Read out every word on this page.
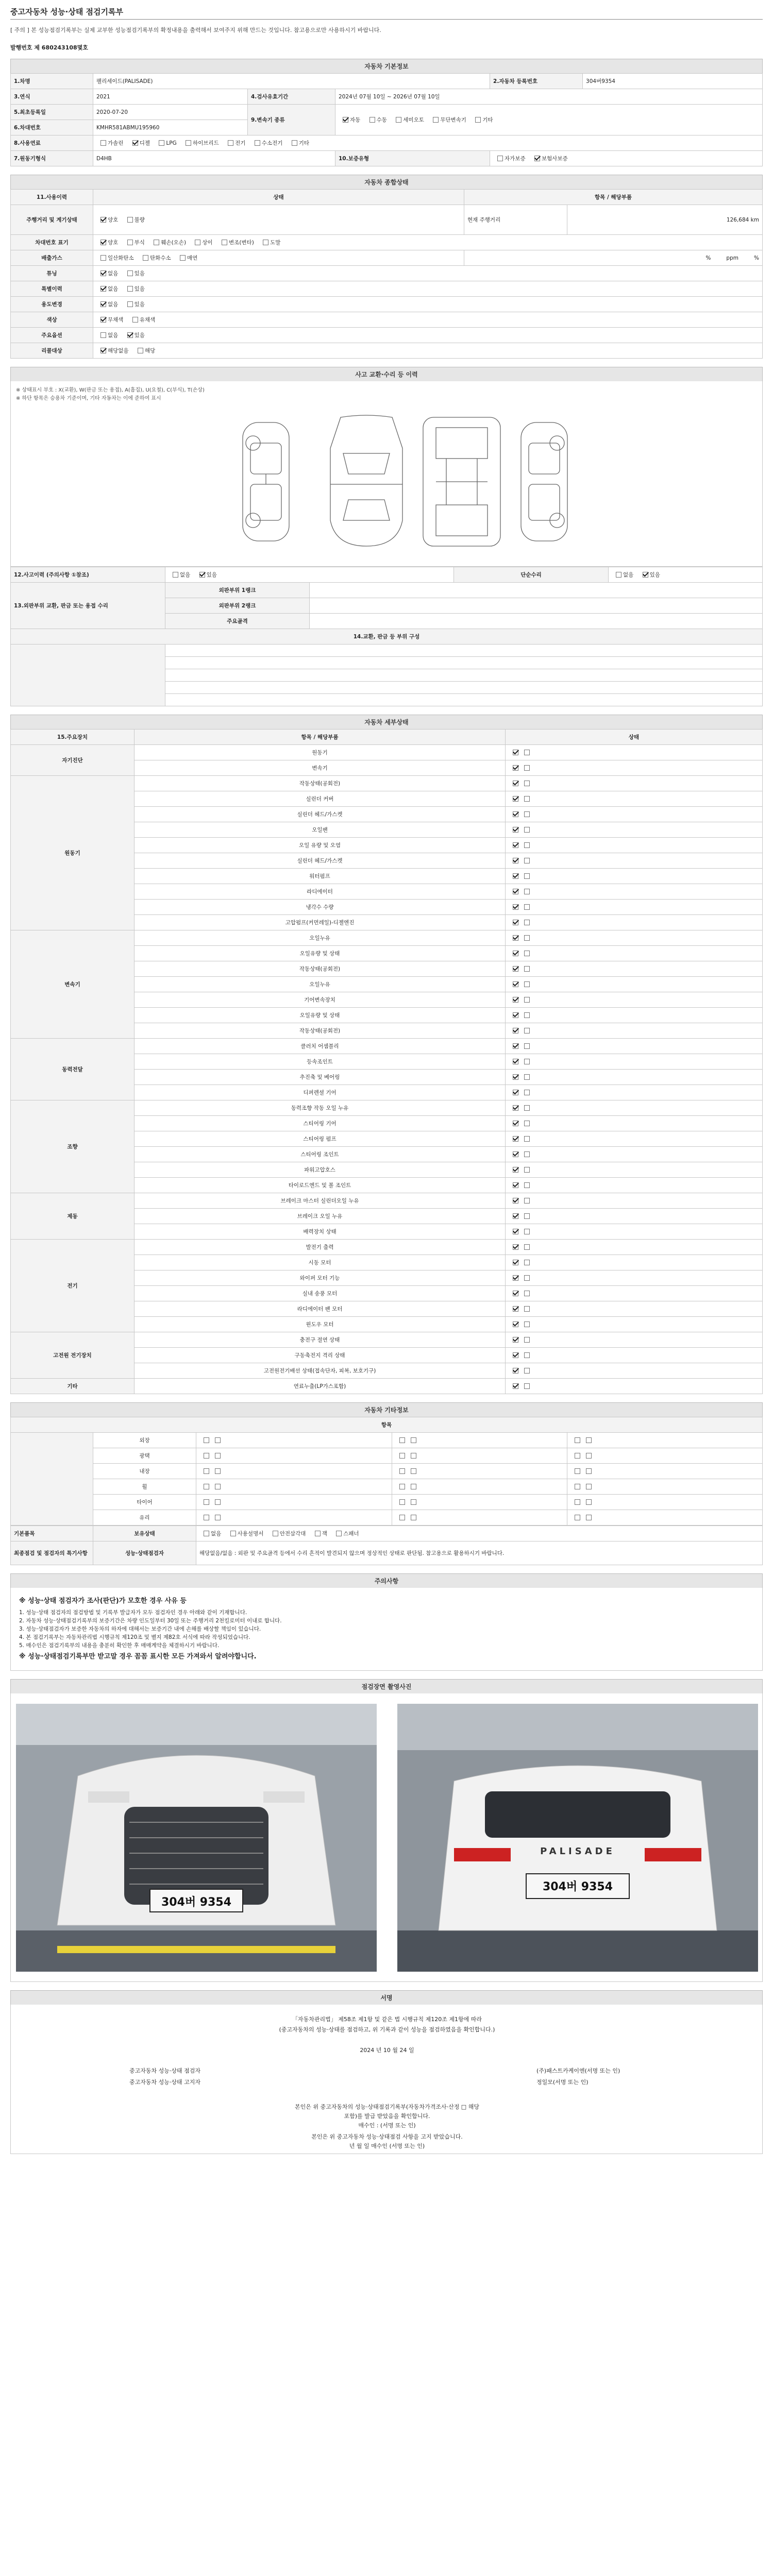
중고자동차 성능·상태 점검기록부
[ 주의 ] 본 성능점검기록부는 실제 교부한 성능점검기록부의 확정내용을 출력해서 보여주지 위해 만드는 것입니다. 참고용으로만 사용하시기 바랍니다.
발행번호 제 680243108몇호
자동차 기본정보
1.차명	팰리세이드(PALISADE)			2.자동차 등록번호	304버9354
3.연식	2021	4.검사유효기간	2024년 07월 10일 ~ 2026년 07월 10일		
5.최초등록일	2020-07-20	9.변속기 종류	자동 수동 세미오토 무단변속기 기타		
6.차대번호	KMHR581ABMU195960				
8.사용연료	가솔린 디젤 LPG 하이브리드 전기 수소전기 기타				
7.원동기형식	D4HB		10.보증유형	자가보증 보험사보증	
자동차 종합상태
11.사용이력	상태	항목 / 해당부품	
주행거리 및 계기상태	양호 불량	현재 주행거리	126,684 km
차대번호 표기	양호 부식 훼손(오손) 상이 변조(변타) 도말		
배출가스	일산화탄소 탄화수소 매연	% ppm %	
튜닝	없음 있음		
특별이력	없음 있음		
용도변경	없음 있음		
색상	무채색 유채색		
주요옵션	없음 있음		
리콜대상	해당없음 해당		
사고 교환·수리 등 이력
※ 상태표시 부호 : X(교환), W(판금 또는 용접), A(흠집), U(요철), C(부식), T(손상)
※ 하단 항목은 승용차 기준이며, 기타 자동차는 이에 준하여 표시
12.사고이력 (주의사항 ①참조)	없음 있음		단순수리	없음 있음
13.외판부위 교환, 판금 또는 용접 수리	외판부위 1랭크			
	외판부위 2랭크			
	주요골격			
14.교환, 판금 등 부위 구성				

자동차 세부상태
15.주요장치	항목 / 해당부품	상태
자기진단	원동기	
	변속기	
원동기	작동상태(공회전)	
	실린더 커버	
	실린더 헤드/가스켓	
	오일팬	
	오일 유량 및 오염	
	실린더 헤드/가스켓	
	워터펌프	
	라디에이터	
	냉각수 수량	
	고압펌프(커먼레일)-디젤엔진	
변속기	오일누유	
	오일유량 및 상태	
	작동상태(공회전)	
	오일누유	
	기어변속장치	
	오일유량 및 상태	
	작동상태(공회전)	
동력전달	클러치 어셈블리	
	등속조인트	
	추진축 및 베어링	
	디퍼렌셜 기어	
조향	동력조향 작동 오일 누유	
	스티어링 기어	
	스티어링 펌프	
	스티어링 조인트	
	파워고압호스	
	타이로드엔드 및 볼 조인트	
제동	브레이크 마스터 실린더오일 누유	
	브레이크 오일 누유	
	배력장치 상태	
전기	발전기 출력	
	시동 모터	
	와이퍼 모터 기능	
	실내 송풍 모터	
	라디에이터 팬 모터	
	윈도우 모터	
고전원 전기장치	충전구 절연 상태	
	구동축전지 격리 상태	
	고전원전기배선 상태(접속단자, 피복, 보호기구)	
기타	연료누출(LP가스포함)	
자동차 기타정보
항목				
	외장			
	광택			
	내장			
	휠			
	타이어			
	유리			
기본품목	보유상태	없음 사용설명서 안전삼각대 잭 스패너
최종점검 및 점검자의 특기사항	성능·상태점검자	해당없음/없음 : 외판 및 주요골격 등에서 수리 흔적이 발견되지 않으며 정상적인 상태로 판단됨. 참고용으로 활용하시기 바랍니다.
주의사항
※ 성능·상태 점검자가 조사(판단)가 모호한 경우 사유 등
1. 성능·상태 점검자의 점검방법 및 기록부 발급자가 모두 점검자인 경우 아래와 같이 기재합니다.
2. 자동차 성능·상태점검기록부의 보증기간은 차량 인도일부터 30일 또는 주행거리 2천킬로미터 이내로 합니다.
3. 성능·상태점검자가 보증한 자동차의 하자에 대해서는 보증기간 내에 손해를 배상할 책임이 있습니다.
4. 본 점검기록부는 자동차관리법 시행규칙 제120조 및 별지 제82호 서식에 따라 작성되었습니다.
5. 매수인은 점검기록부의 내용을 충분히 확인한 후 매매계약을 체결하시기 바랍니다.
※ 성능·상태점검기록부만 받고말 경우 꼼꼼 표시한 모든 가져와서 알려야합니다.
점검장면 촬영사진
304버 9354
PALISADE
304버 9354
서명
「자동차관리법」 제58조 제1항 및 같은 법 시행규칙 제120조 제1항에 따라
(중고자동차의 성능·상태를 점검하고, 위 기록과 같이 성능을 점검하였음을 확인합니다.)
2024 년 10 월 24 일
중고자동차 성능·상태 점검자
중고자동차 성능·상태 고지자
(주)패스트카케이엔(서명 또는 인)
정일모(서명 또는 인)
본인은 위 중고자동차의 성능·상태점검기록부(자동차가격조사·산정 □ 해당
포함)를 발급 받았음을 확인합니다.
매수인 : (서명 또는 인)
본인은 위 중고자동차 성능·상태점검 사항을 고지 받았습니다.
년 월 일 매수인 (서명 또는 인)
